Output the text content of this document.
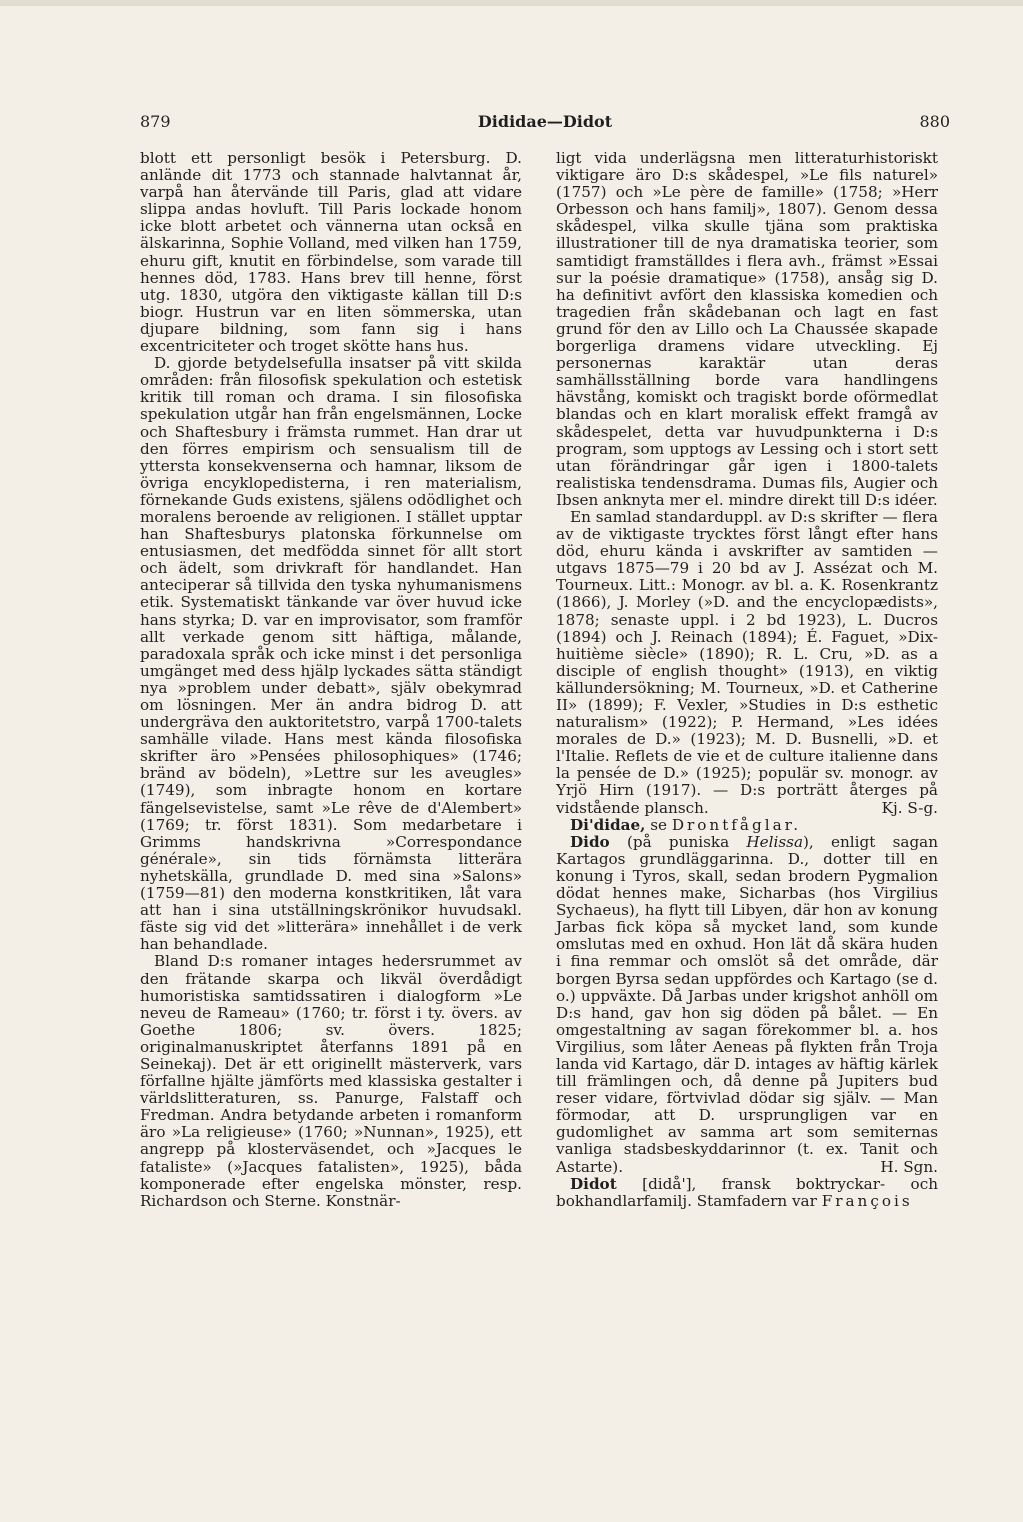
879	Dididae—Didot	880

blott ett personligt besök i Petersburg. D. anlände dit 1773 och stannade halvtannat år, varpå han återvände till Paris, glad att vidare slippa andas hovluft. Till Paris lockade honom icke blott arbetet och vännerna utan också en älskarinna, Sophie Volland, med vilken han 1759, ehuru gift, knutit en förbindelse, som varade till hennes död, 1783. Hans brev till henne, först utg. 1830, utgöra den viktigaste källan till D:s biogr. Hustrun var en liten sömmerska, utan djupare bildning, som fann sig i hans excentriciteter och troget skötte hans hus.

D. gjorde betydelsefulla insatser på vitt skilda områden: från filosofisk spekulation och estetisk kritik till roman och drama. I sin filosofiska spekulation utgår han från engelsmännen, Locke och Shaftesbury i främsta rummet. Han drar ut den förres empirism och sensualism till de yttersta konsekvenserna och hamnar, liksom de övriga encyklopedisterna, i ren materialism, förnekande Guds existens, själens odödlighet och moralens beroende av religionen. I stället upptar han Shaftesburys platonska förkunnelse om entusiasmen, det medfödda sinnet för allt stort och ädelt, som drivkraft för handlandet. Han anteciperar så tillvida den tyska nyhumanismens etik. Systematiskt tänkande var över huvud icke hans styrka; D. var en improvisator, som framför allt verkade genom sitt häftiga, målande, paradoxala språk och icke minst i det personliga umgänget med dess hjälp lyckades sätta ständigt nya »problem under debatt», själv obekymrad om lösningen. Mer än andra bidrog D. att undergräva den auktoritetstro, varpå 1700-talets samhälle vilade. Hans mest kända filosofiska skrifter äro »Pensées philosophiques» (1746; bränd av bödeln), »Lettre sur les aveugles» (1749), som inbragte honom en kortare fängelsevistelse, samt »Le rêve de d'Alembert» (1769; tr. först 1831). Som medarbetare i Grimms handskrivna »Correspondance générale», sin tids förnämsta litterära nyhetskälla, grundlade D. med sina »Salons» (1759—81) den moderna konstkritiken, låt vara att han i sina utställningskrönikor huvudsakl. fäste sig vid det »litterära» innehållet i de verk han behandlade.

Bland D:s romaner intages hedersrummet av den frätande skarpa och likväl överdådigt humoristiska samtidssatiren i dialogform »Le neveu de Rameau» (1760; tr. först i ty. övers. av Goethe 1806; sv. övers. 1825; originalmanuskriptet återfanns 1891 på en Seinekaj). Det är ett originellt mästerverk, vars förfallne hjälte jämförts med klassiska gestalter i världslitteraturen, ss. Panurge, Falstaff och Fredman. Andra betydande arbeten i romanform äro »La religieuse» (1760; »Nunnan», 1925), ett angrepp på klosterväsendet, och »Jacques le fataliste» (»Jacques fatalisten», 1925), båda komponerade efter engelska mönster, resp. Richardson och Sterne. Konstnär-

ligt vida underlägsna men litteraturhistoriskt viktigare äro D:s skådespel, »Le fils naturel» (1757) och »Le père de famille» (1758; »Herr Orbesson och hans familj», 1807). Genom dessa skådespel, vilka skulle tjäna som praktiska illustrationer till de nya dramatiska teorier, som samtidigt framställdes i flera avh., främst »Essai sur la poésie dramatique» (1758), ansåg sig D. ha definitivt avfört den klassiska komedien och tragedien från skådebanan och lagt en fast grund för den av Lillo och La Chaussée skapade borgerliga dramens vidare utveckling. Ej personernas karaktär utan deras samhällsställning borde vara handlingens hävstång, komiskt och tragiskt borde oförmedlat blandas och en klart moralisk effekt framgå av skådespelet, detta var huvudpunkterna i D:s program, som upptogs av Lessing och i stort sett utan förändringar går igen i 1800-talets realistiska tendensdrama. Dumas fils, Augier och Ibsen anknyta mer el. mindre direkt till D:s idéer.

En samlad standarduppl. av D:s skrifter — flera av de viktigaste trycktes först långt efter hans död, ehuru kända i avskrifter av samtiden — utgavs 1875—79 i 20 bd av J. Assézat och M. Tourneux. Litt.: Monogr. av bl. a. K. Rosenkrantz (1866), J. Morley (»D. and the encyclopædists», 1878; senaste uppl. i 2 bd 1923), L. Ducros (1894) och J. Reinach (1894); É. Faguet, »Dix-huitième siècle» (1890); R. L. Cru, »D. as a disciple of english thought» (1913), en viktig källundersökning; M. Tourneux, »D. et Catherine II» (1899); F. Vexler, »Studies in D:s esthetic naturalism» (1922); P. Hermand, »Les idées morales de D.» (1923); M. D. Busnelli, »D. et l'Italie. Reflets de vie et de culture italienne dans la pensée de D.» (1925); populär sv. monogr. av Yrjö Hirn (1917). — D:s porträtt återges på vidstående plansch.	Kj. S-g.

Di'didae, se Drontfåglar.

Dido (på puniska Helissa), enligt sagan Kartagos grundläggarinna. D., dotter till en konung i Tyros, skall, sedan brodern Pygmalion dödat hennes make, Sicharbas (hos Virgilius Sychaeus), ha flytt till Libyen, där hon av konung Jarbas fick köpa så mycket land, som kunde omslutas med en oxhud. Hon lät då skära huden i fina remmar och omslöt så det område, där borgen Byrsa sedan uppfördes och Kartago (se d. o.) uppväxte. Då Jarbas under krigshot anhöll om D:s hand, gav hon sig döden på bålet. — En omgestaltning av sagan förekommer bl. a. hos Virgilius, som låter Aeneas på flykten från Troja landa vid Kartago, där D. intages av häftig kärlek till främlingen och, då denne på Jupiters bud reser vidare, förtvivlad dödar sig själv. — Man förmodar, att D. ursprungligen var en gudomlighet av samma art som semiternas vanliga stadsbeskyddarinnor (t. ex. Tanit och Astarte).	H. Sgn.

Didot [didå'], fransk boktryckar- och bokhandlarfamilj. Stamfadern var François
